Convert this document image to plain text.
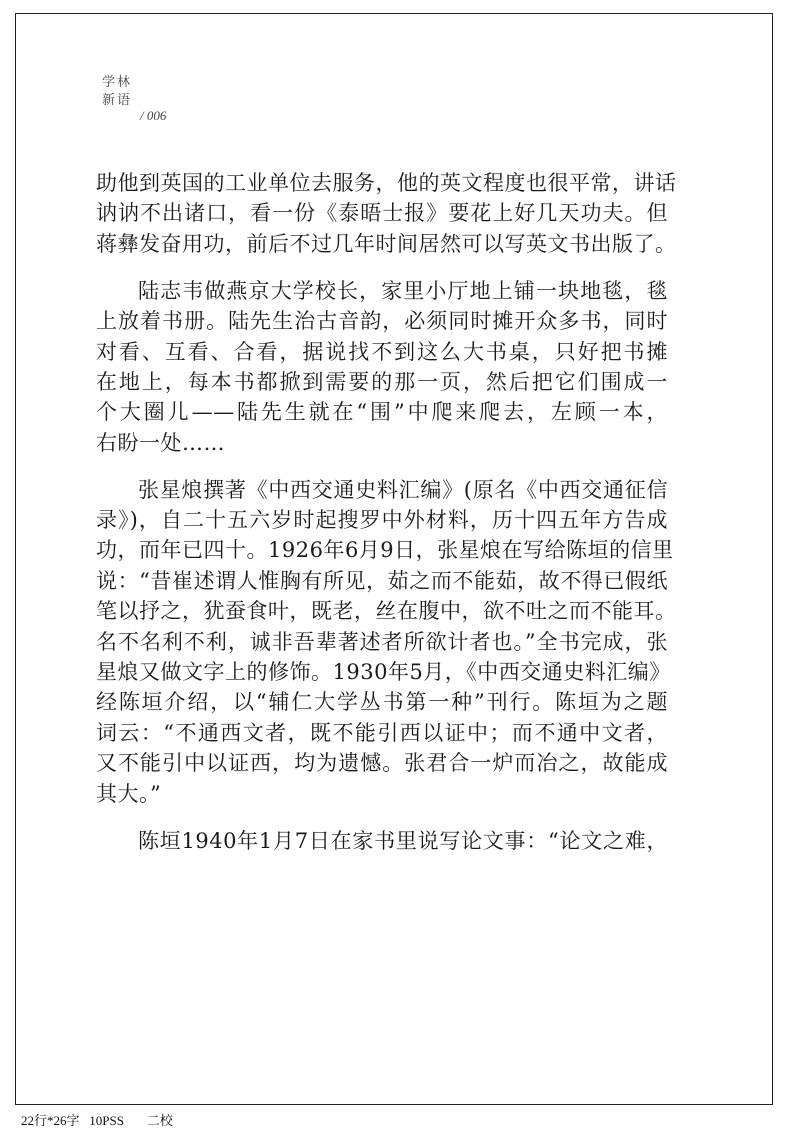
学林
新语
/ 006
助他到英国的工业单位去服务，他的英文程度也很平常，讲话
讷讷不出诸口，看一份《泰晤士报》要花上好几天功夫。但
蒋彝发奋用功，前后不过几年时间居然可以写英文书出版了。
陆志韦做燕京大学校长，家里小厅地上铺一块地毯，毯
上放着书册。陆先生治古音韵，必须同时摊开众多书，同时
对看、互看、合看，据说找不到这么大书桌，只好把书摊
在地上，每本书都掀到需要的那一页，然后把它们围成一
个大圈儿——陆先生就在“围”中爬来爬去，左顾一本，
右盼一处……
张星烺撰著《中西交通史料汇编》(原名《中西交通征信
录》)，自二十五六岁时起搜罗中外材料，历十四五年方告成
功，而年已四十。1926年6月9日，张星烺在写给陈垣的信里
说：“昔崔述谓人惟胸有所见，茹之而不能茹，故不得已假纸
笔以抒之，犹蚕食叶，既老，丝在腹中，欲不吐之而不能耳。
名不名利不利，诚非吾辈著述者所欲计者也。”全书完成，张
星烺又做文字上的修饰。1930年5月，《中西交通史料汇编》
经陈垣介绍，以“辅仁大学丛书第一种”刊行。陈垣为之题
词云：“不通西文者，既不能引西以证中；而不通中文者，
又不能引中以证西，均为遗憾。张君合一炉而冶之，故能成
其大。”
陈垣1940年1月7日在家书里说写论文事：“论文之难，
22行*26字   10PSS       二校
